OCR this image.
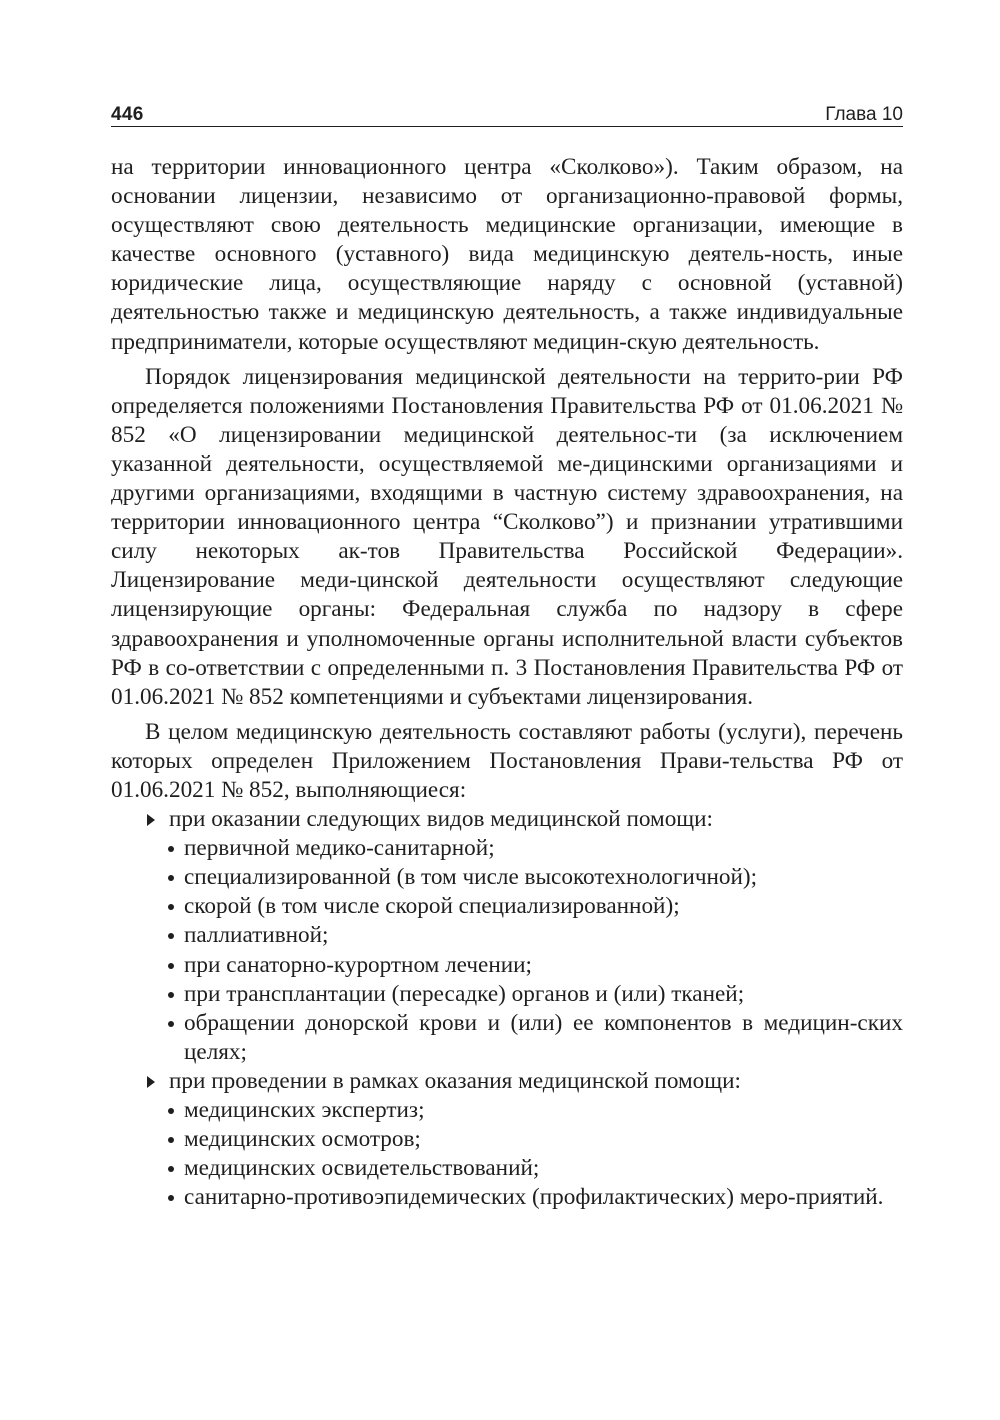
446	Глава 10

на территории инновационного центра «Сколково»). Таким образом, на основании лицензии, независимо от организационно-правовой формы, осуществляют свою деятельность медицинские организации, имеющие в качестве основного (уставного) вида медицинскую деятель-ность, иные юридические лица, осуществляющие наряду с основной (уставной) деятельностью также и медицинскую деятельность, а также индивидуальные предприниматели, которые осуществляют медицин-скую деятельность.

Порядок лицензирования медицинской деятельности на террито-рии РФ определяется положениями Постановления Правительства РФ от 01.06.2021 № 852 «О лицензировании медицинской деятельнос-ти (за исключением указанной деятельности, осуществляемой ме-дицинскими организациями и другими организациями, входящими в частную систему здравоохранения, на территории инновационного центра “Сколково”) и признании утратившими силу некоторых ак-тов Правительства Российской Федерации». Лицензирование меди-цинской деятельности осуществляют следующие лицензирующие органы: Федеральная служба по надзору в сфере здравоохранения и уполномоченные органы исполнительной власти субъектов РФ в со-ответствии с определенными п. 3 Постановления Правительства РФ от 01.06.2021 № 852 компетенциями и субъектами лицензирования.

В целом медицинскую деятельность составляют работы (услуги), перечень которых определен Приложением Постановления Прави-тельства РФ от 01.06.2021 № 852, выполняющиеся:

при оказании следующих видов медицинской помощи:

первичной медико-санитарной;

специализированной (в том числе высокотехнологичной);

скорой (в том числе скорой специализированной);

паллиативной;

при санаторно-курортном лечении;

при трансплантации (пересадке) органов и (или) тканей;

обращении донорской крови и (или) ее компонентов в медицин-ских целях;

при проведении в рамках оказания медицинской помощи:

медицинских экспертиз;

медицинских осмотров;

медицинских освидетельствований;

санитарно-противоэпидемических (профилактических) меро-приятий.
